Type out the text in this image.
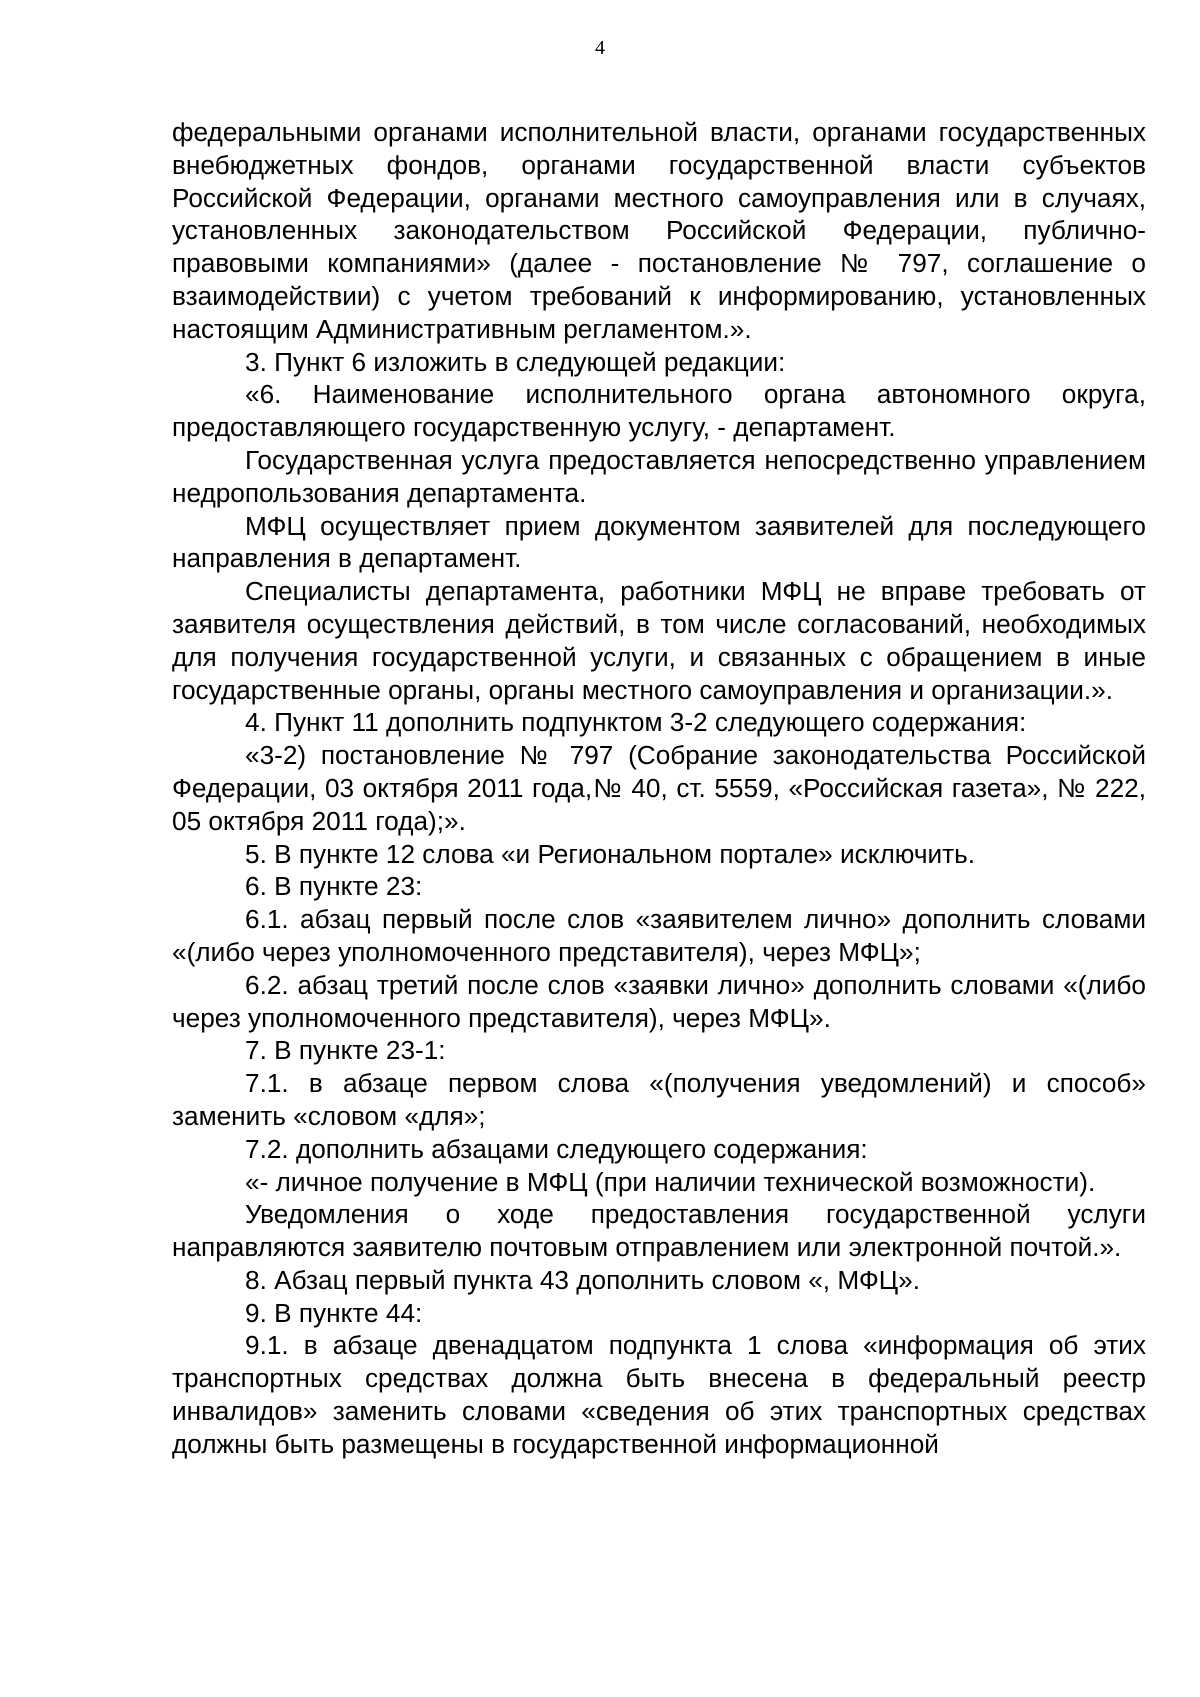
4

федеральными органами исполнительной власти, органами государственных внебюджетных фондов, органами государственной власти субъектов Российской Федерации, органами местного самоуправления или в случаях, установленных законодательством Российской Федерации, публично-правовыми компаниями» (далее - постановление № 797, соглашение о взаимодействии) с учетом требований к информированию, установленных настоящим Административным регламентом.».

3. Пункт 6 изложить в следующей редакции:

«6. Наименование исполнительного органа автономного округа, предоставляющего государственную услугу, - департамент.

Государственная услуга предоставляется непосредственно управлением недропользования департамента.

МФЦ осуществляет прием документом заявителей для последующего направления в департамент.

Специалисты департамента, работники МФЦ не вправе требовать от заявителя осуществления действий, в том числе согласований, необходимых для получения государственной услуги, и связанных с обращением в иные государственные органы, органы местного самоуправления и организации.».

4. Пункт 11 дополнить подпунктом 3-2 следующего содержания:

«3-2) постановление № 797 (Собрание законодательства Российской Федерации, 03 октября 2011 года,№ 40, ст. 5559, «Российская газета», № 222, 05 октября 2011 года);».

5. В пункте 12 слова «и Региональном портале» исключить.

6. В пункте 23:

6.1. абзац первый после слов «заявителем лично» дополнить словами «(либо через уполномоченного представителя), через МФЦ»;

6.2. абзац третий после слов «заявки лично» дополнить словами «(либо через уполномоченного представителя), через МФЦ».

7. В пункте 23-1:

7.1. в абзаце первом слова «(получения уведомлений) и способ» заменить «словом «для»;

7.2. дополнить абзацами следующего содержания:

«- личное получение в МФЦ (при наличии технической возможности).

Уведомления о ходе предоставления государственной услуги направляются заявителю почтовым отправлением или электронной почтой.».

8. Абзац первый пункта 43 дополнить словом «, МФЦ».

9. В пункте 44:

9.1. в абзаце двенадцатом подпункта 1 слова «информация об этих транспортных средствах должна быть внесена в федеральный реестр инвалидов» заменить словами «сведения об этих транспортных средствах должны быть размещены в государственной информационной
